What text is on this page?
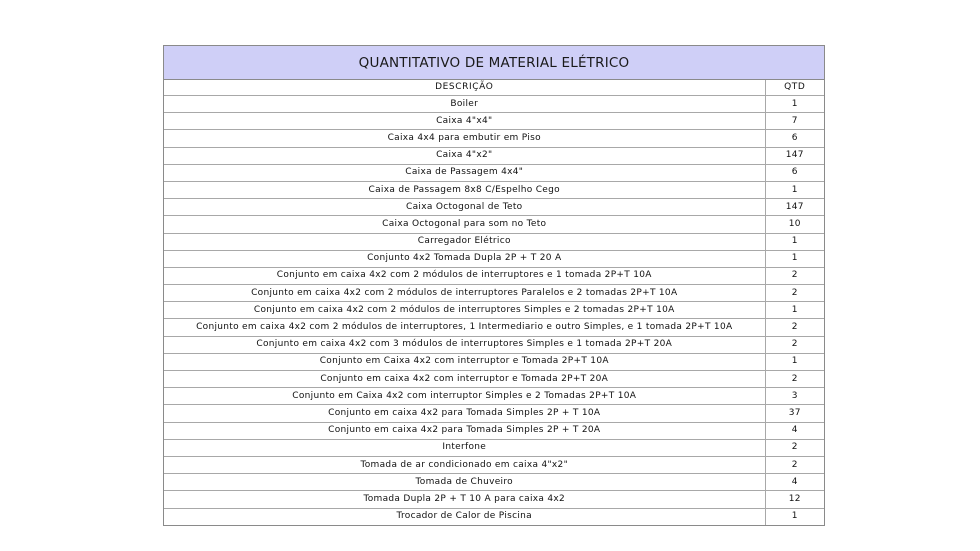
QUANTITATIVO DE MATERIAL ELÉTRICO
DESCRIÇÃO	QTD
Boiler	1
Caixa 4"x4"	7
Caixa 4x4 para embutir em Piso	6
Caixa 4"x2"	147
Caixa de Passagem 4x4"	6
Caixa de Passagem 8x8 C/Espelho Cego	1
Caixa Octogonal de Teto	147
Caixa Octogonal para som no Teto	10
Carregador Elétrico	1
Conjunto 4x2 Tomada Dupla 2P + T 20 A	1
Conjunto em caixa 4x2 com 2 módulos de interruptores e 1 tomada 2P+T 10A	2
Conjunto em caixa 4x2 com 2 módulos de interruptores Paralelos e 2 tomadas 2P+T 10A	2
Conjunto em caixa 4x2 com 2 módulos de interruptores Simples e 2 tomadas 2P+T 10A	1
Conjunto em caixa 4x2 com 2 módulos de interruptores, 1 Intermediario e outro Simples, e 1 tomada 2P+T 10A	2
Conjunto em caixa 4x2 com 3 módulos de interruptores Simples e 1 tomada 2P+T 20A	2
Conjunto em Caixa 4x2 com interruptor e Tomada 2P+T 10A	1
Conjunto em caixa 4x2 com interruptor e Tomada 2P+T 20A	2
Conjunto em Caixa 4x2 com interruptor Simples e 2 Tomadas 2P+T 10A	3
Conjunto em caixa 4x2 para Tomada Simples 2P + T 10A	37
Conjunto em caixa 4x2 para Tomada Simples 2P + T 20A	4
Interfone	2
Tomada de ar condicionado em caixa 4"x2"	2
Tomada de Chuveiro	4
Tomada Dupla 2P + T 10 A para caixa 4x2	12
Trocador de Calor de Piscina	1
